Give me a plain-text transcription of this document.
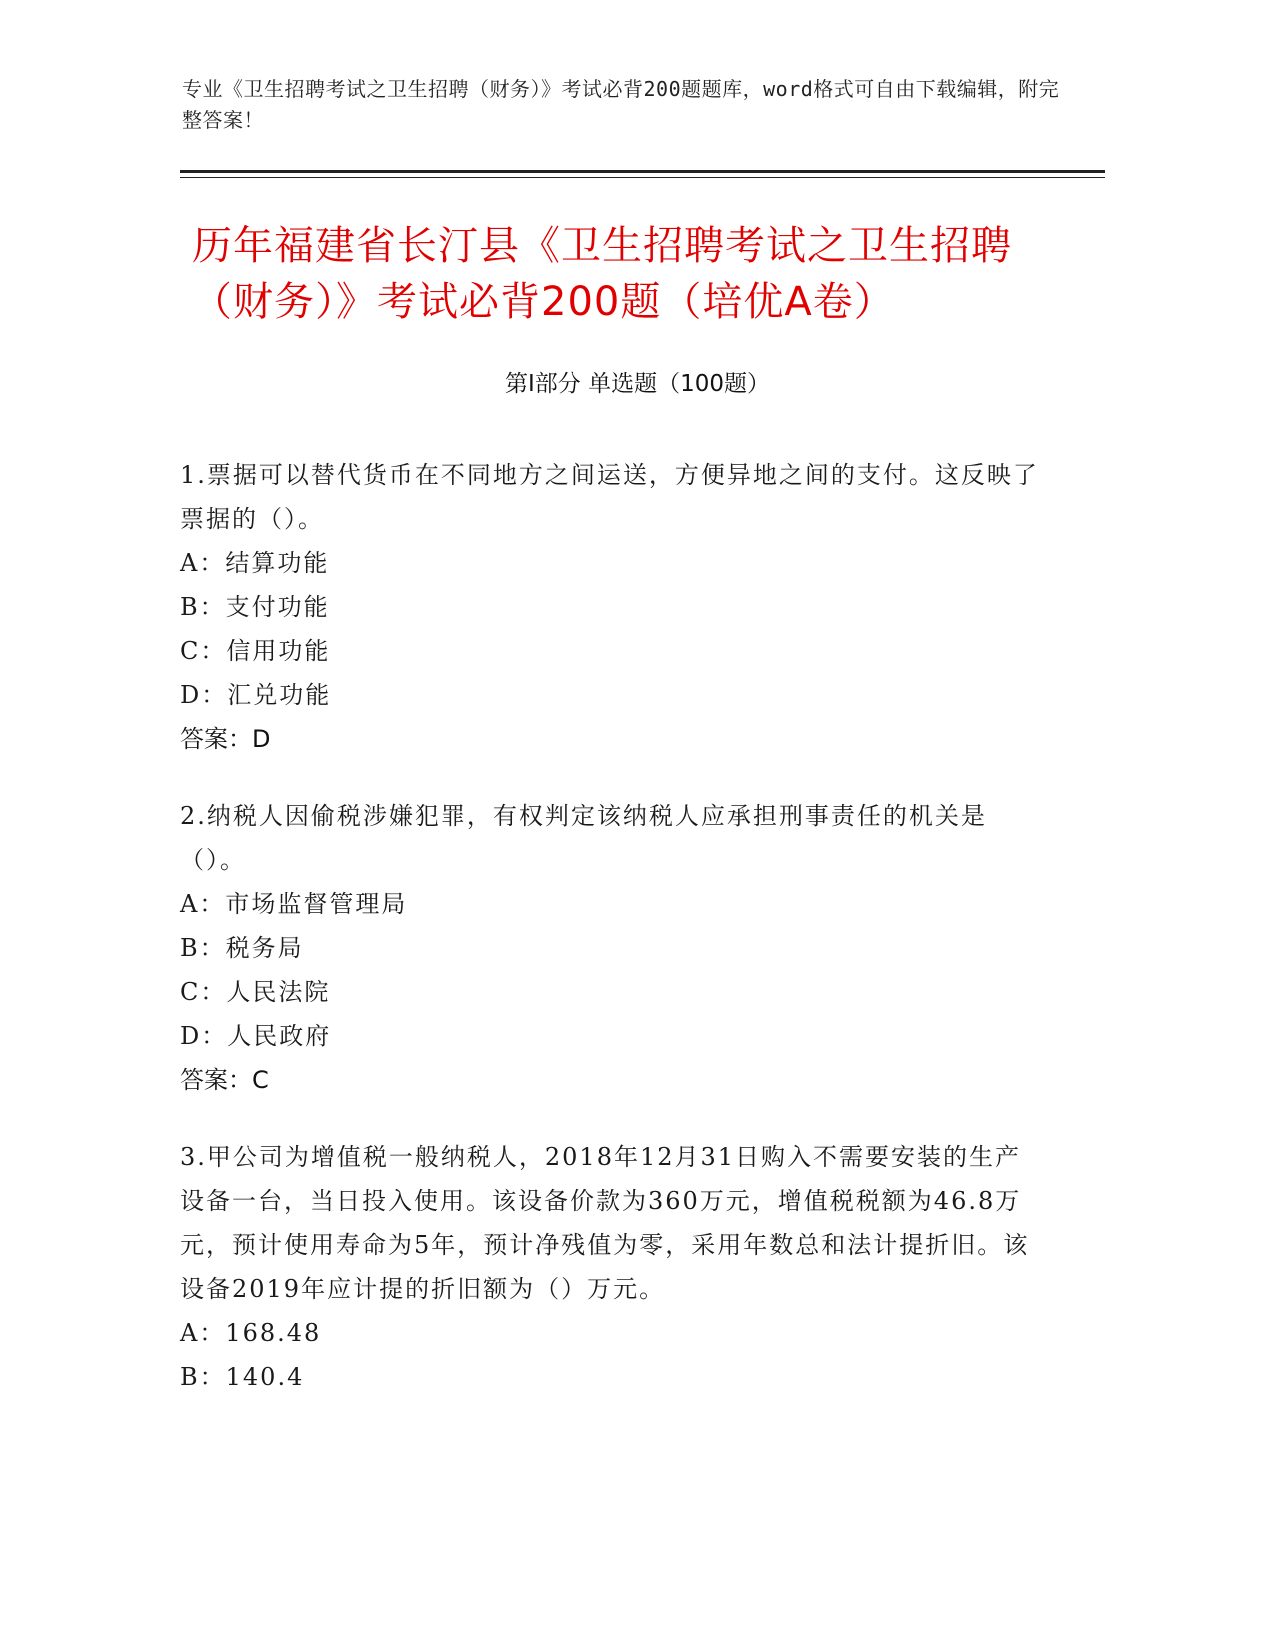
专业《卫生招聘考试之卫生招聘（财务）》考试必背200题题库，word格式可自由下载编辑，附完整答案！
历年福建省长汀县《卫生招聘考试之卫生招聘（财务）》考试必背200题（培优A卷）
第Ⅰ部分 单选题（100题）

1.票据可以替代货币在不同地方之间运送，方便异地之间的支付。这反映了票据的（）。

A：结算功能
B：支付功能
C：信用功能
D：汇兑功能
答案：D

2.纳税人因偷税涉嫌犯罪，有权判定该纳税人应承担刑事责任的机关是（）。

A：市场监督管理局
B：税务局
C：人民法院
D：人民政府
答案：C

3.甲公司为增值税一般纳税人，2018年12月31日购入不需要安装的生产设备一台，当日投入使用。该设备价款为360万元，增值税税额为46.8万元，预计使用寿命为5年，预计净残值为零，采用年数总和法计提折旧。该设备2019年应计提的折旧额为（）万元。

A：168.48
B：140.4
